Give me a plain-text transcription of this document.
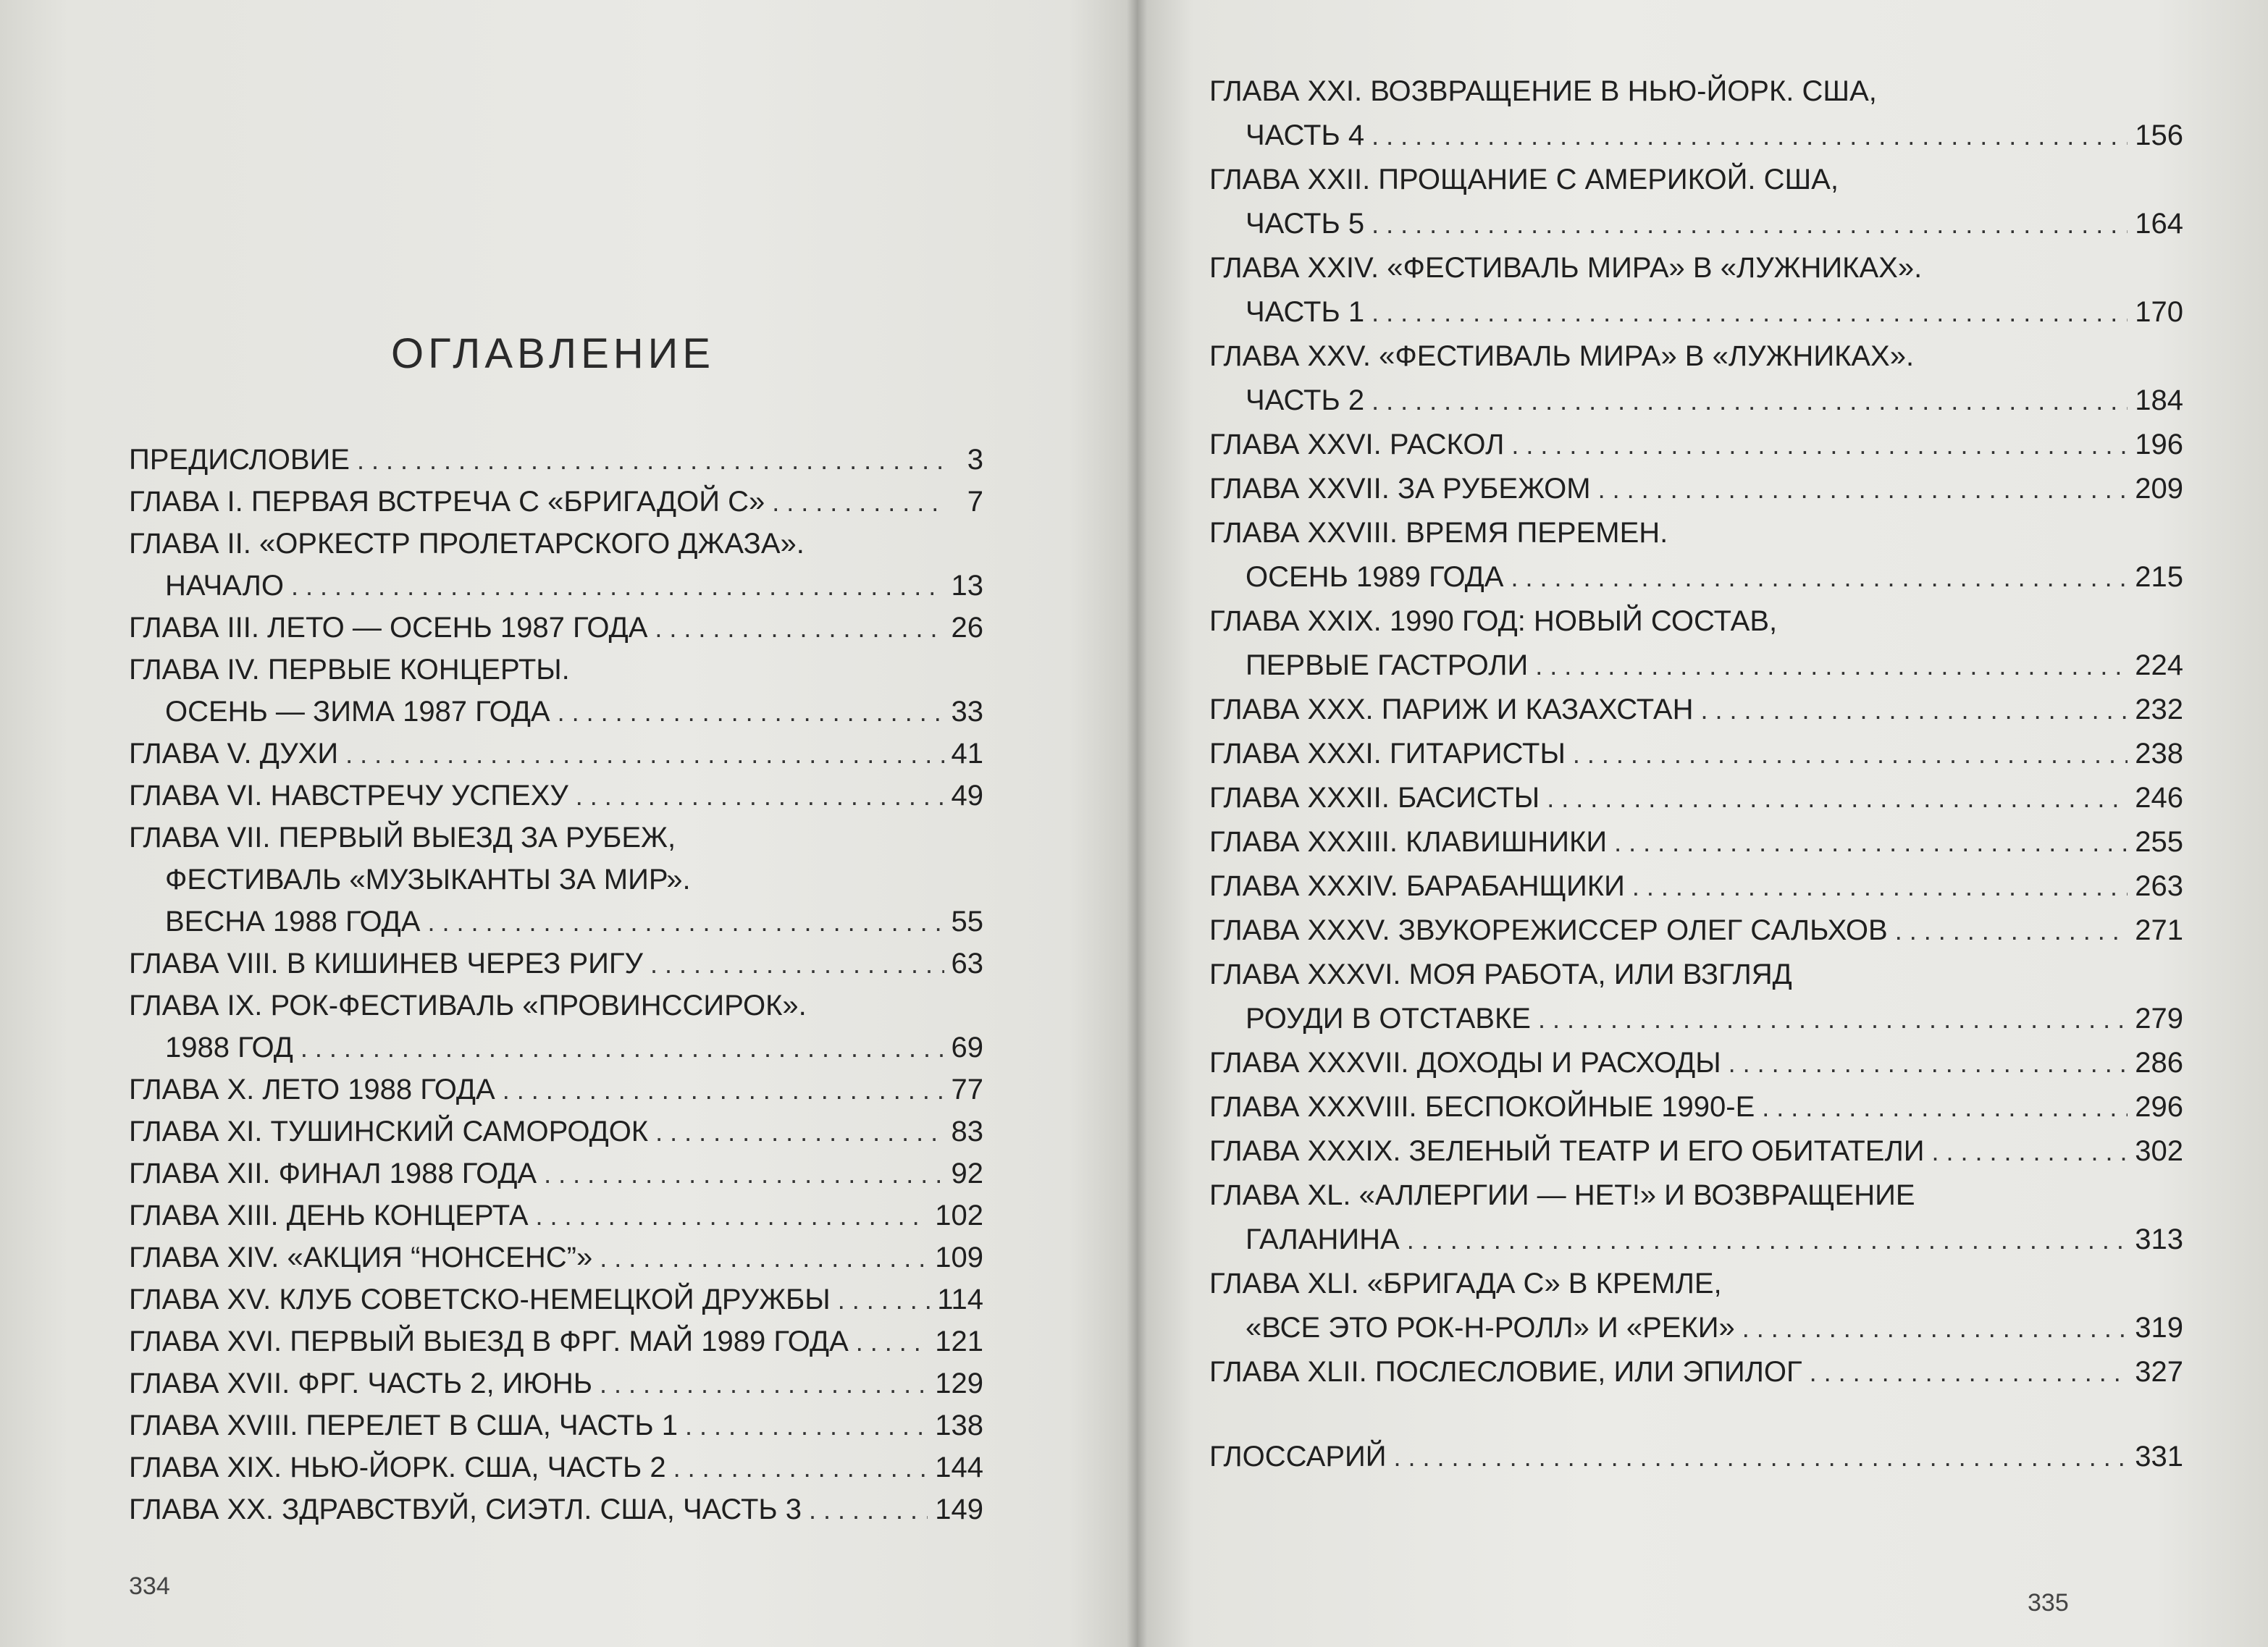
ОГЛАВЛЕНИЕ
ПРЕДИСЛОВИЕ . . .	3
ГЛАВА I. ПЕРВАЯ ВСТРЕЧА С «БРИГАДОЙ С» . . .	7
ГЛАВА II. «ОРКЕСТР ПРОЛЕТАРСКОГО ДЖАЗА».
НАЧАЛО . . .	13
ГЛАВА III. ЛЕТО — ОСЕНЬ 1987 ГОДА . . .	26
ГЛАВА IV. ПЕРВЫЕ КОНЦЕРТЫ.
ОСЕНЬ — ЗИМА 1987 ГОДА . . .	33
ГЛАВА V. ДУХИ . . .	41
ГЛАВА VI. НАВСТРЕЧУ УСПЕХУ . . .	49
ГЛАВА VII. ПЕРВЫЙ ВЫЕЗД ЗА РУБЕЖ,
ФЕСТИВАЛЬ «МУЗЫКАНТЫ ЗА МИР».
ВЕСНА 1988 ГОДА . . .	55
ГЛАВА VIII. В КИШИНЕВ ЧЕРЕЗ РИГУ . . .	63
ГЛАВА IX. РОК-ФЕСТИВАЛЬ «ПРОВИНССИРОК».
1988 ГОД . . .	69
ГЛАВА X. ЛЕТО 1988 ГОДА . . .	77
ГЛАВА XI. ТУШИНСКИЙ САМОРОДОК . . .	83
ГЛАВА XII. ФИНАЛ 1988 ГОДА . . .	92
ГЛАВА XIII. ДЕНЬ КОНЦЕРТА . . .	102
ГЛАВА XIV. «АКЦИЯ “НОНСЕНС”» . . .	109
ГЛАВА XV. КЛУБ СОВЕТСКО-НЕМЕЦКОЙ ДРУЖБЫ . . .	114
ГЛАВА XVI. ПЕРВЫЙ ВЫЕЗД В ФРГ. МАЙ 1989 ГОДА . . .	121
ГЛАВА XVII. ФРГ. ЧАСТЬ 2, ИЮНЬ . . .	129
ГЛАВА XVIII. ПЕРЕЛЕТ В США, ЧАСТЬ 1 . . .	138
ГЛАВА XIX. НЬЮ-ЙОРК. США, ЧАСТЬ 2 . . .	144
ГЛАВА XX. ЗДРАВСТВУЙ, СИЭТЛ. США, ЧАСТЬ 3 . . .	149
334
ГЛАВА XXI. ВОЗВРАЩЕНИЕ В НЬЮ-ЙОРК. США,
ЧАСТЬ 4 . . .	156
ГЛАВА XXII. ПРОЩАНИЕ С АМЕРИКОЙ. США,
ЧАСТЬ 5 . . .	164
ГЛАВА XXIV. «ФЕСТИВАЛЬ МИРА» В «ЛУЖНИКАХ».
ЧАСТЬ 1 . . .	170
ГЛАВА XXV. «ФЕСТИВАЛЬ МИРА» В «ЛУЖНИКАХ».
ЧАСТЬ 2 . . .	184
ГЛАВА XXVI. РАСКОЛ . . .	196
ГЛАВА XXVII. ЗА РУБЕЖОМ . . .	209
ГЛАВА XXVIII. ВРЕМЯ ПЕРЕМЕН.
ОСЕНЬ 1989 ГОДА . . .	215
ГЛАВА XXIX. 1990 ГОД: НОВЫЙ СОСТАВ,
ПЕРВЫЕ ГАСТРОЛИ . . .	224
ГЛАВА XXX. ПАРИЖ И КАЗАХСТАН . . .	232
ГЛАВА XXXI. ГИТАРИСТЫ . . .	238
ГЛАВА XXXII. БАСИСТЫ . . .	246
ГЛАВА XXXIII. КЛАВИШНИКИ . . .	255
ГЛАВА XXXIV. БАРАБАНЩИКИ . . .	263
ГЛАВА XXXV. ЗВУКОРЕЖИССЕР ОЛЕГ САЛЬХОВ . . .	271
ГЛАВА XXXVI. МОЯ РАБОТА, ИЛИ ВЗГЛЯД
РОУДИ В ОТСТАВКЕ . . .	279
ГЛАВА XXXVII. ДОХОДЫ И РАСХОДЫ . . .	286
ГЛАВА XXXVIII. БЕСПОКОЙНЫЕ 1990-Е . . .	296
ГЛАВА XXXIX. ЗЕЛЕНЫЙ ТЕАТР И ЕГО ОБИТАТЕЛИ . . .	302
ГЛАВА XL. «АЛЛЕРГИИ — НЕТ!» И ВОЗВРАЩЕНИЕ
ГАЛАНИНА . . .	313
ГЛАВА XLI. «БРИГАДА С» В КРЕМЛЕ,
«ВСЕ ЭТО РОК-Н-РОЛЛ» И «РЕКИ» . . .	319
ГЛАВА XLII. ПОСЛЕСЛОВИЕ, ИЛИ ЭПИЛОГ . . .	327
ГЛОССАРИЙ . . .	331
335
